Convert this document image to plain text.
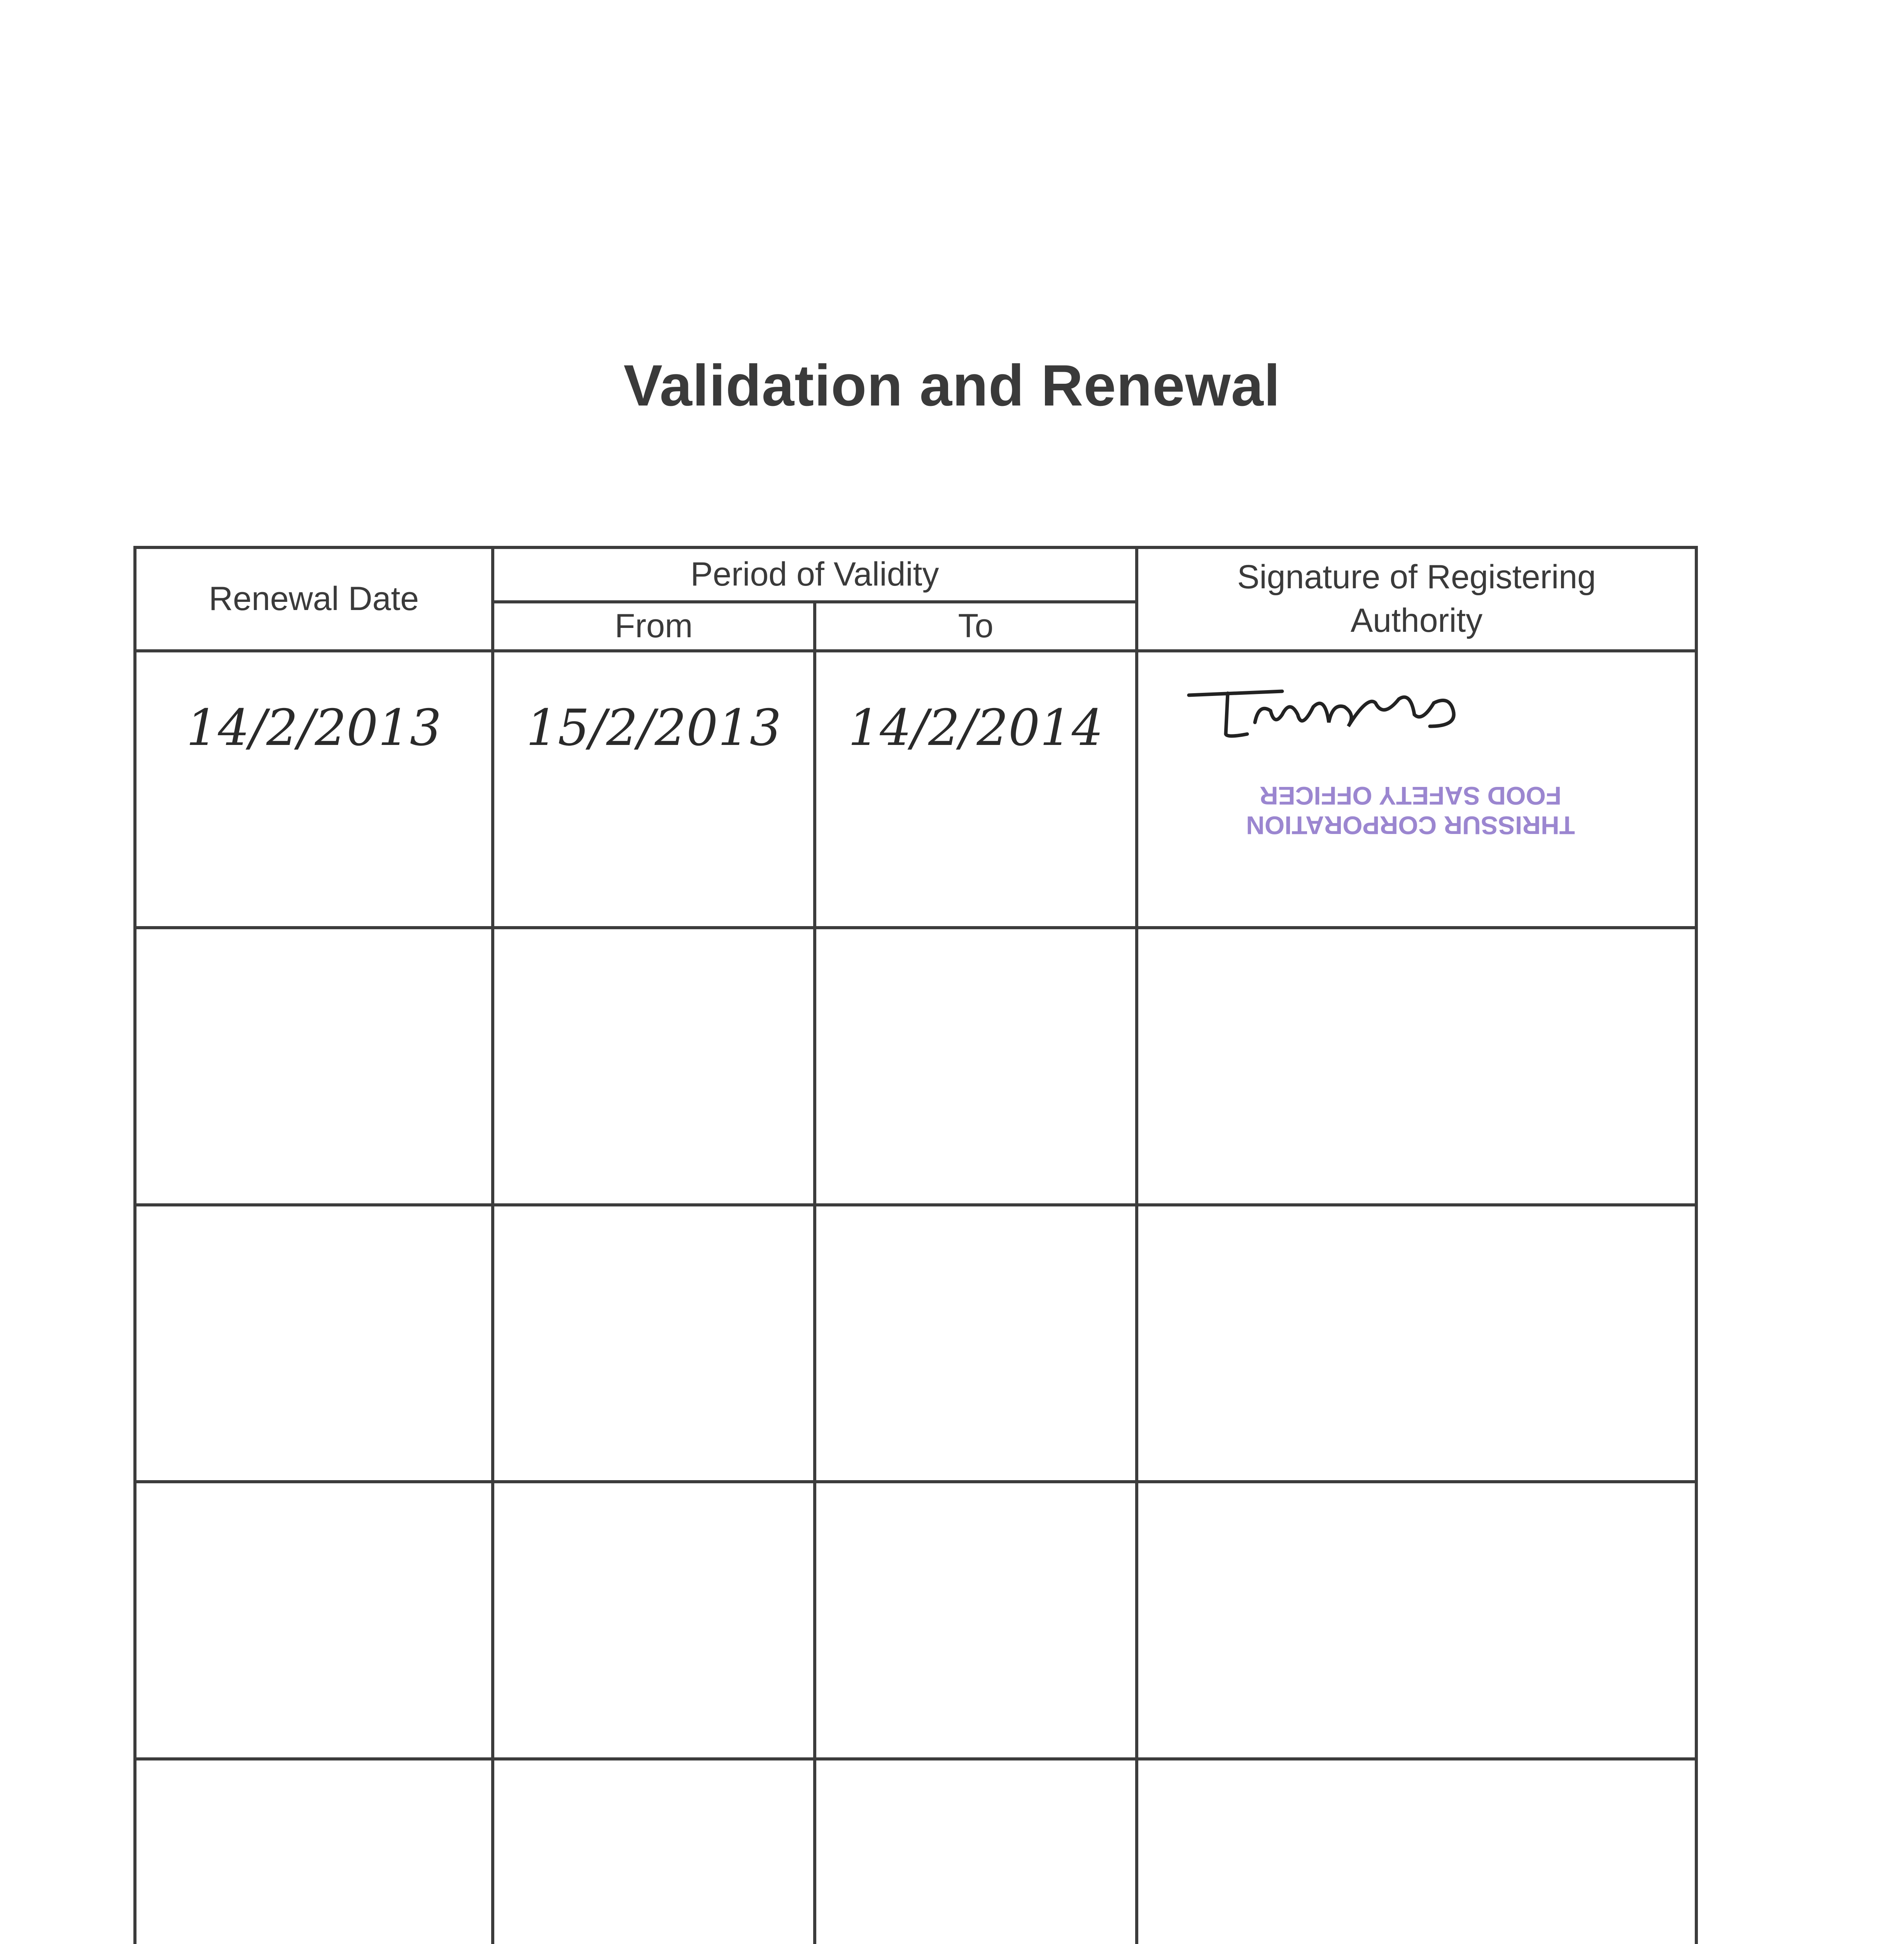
Validation and Renewal
Renewal Date	Period of Validity		Signature of Registering Authority

	From	To	

14/2/2013	15/2/2013	14/2/2014	THRISSUR CORPORATION
FOOD SAFETY OFFICER
